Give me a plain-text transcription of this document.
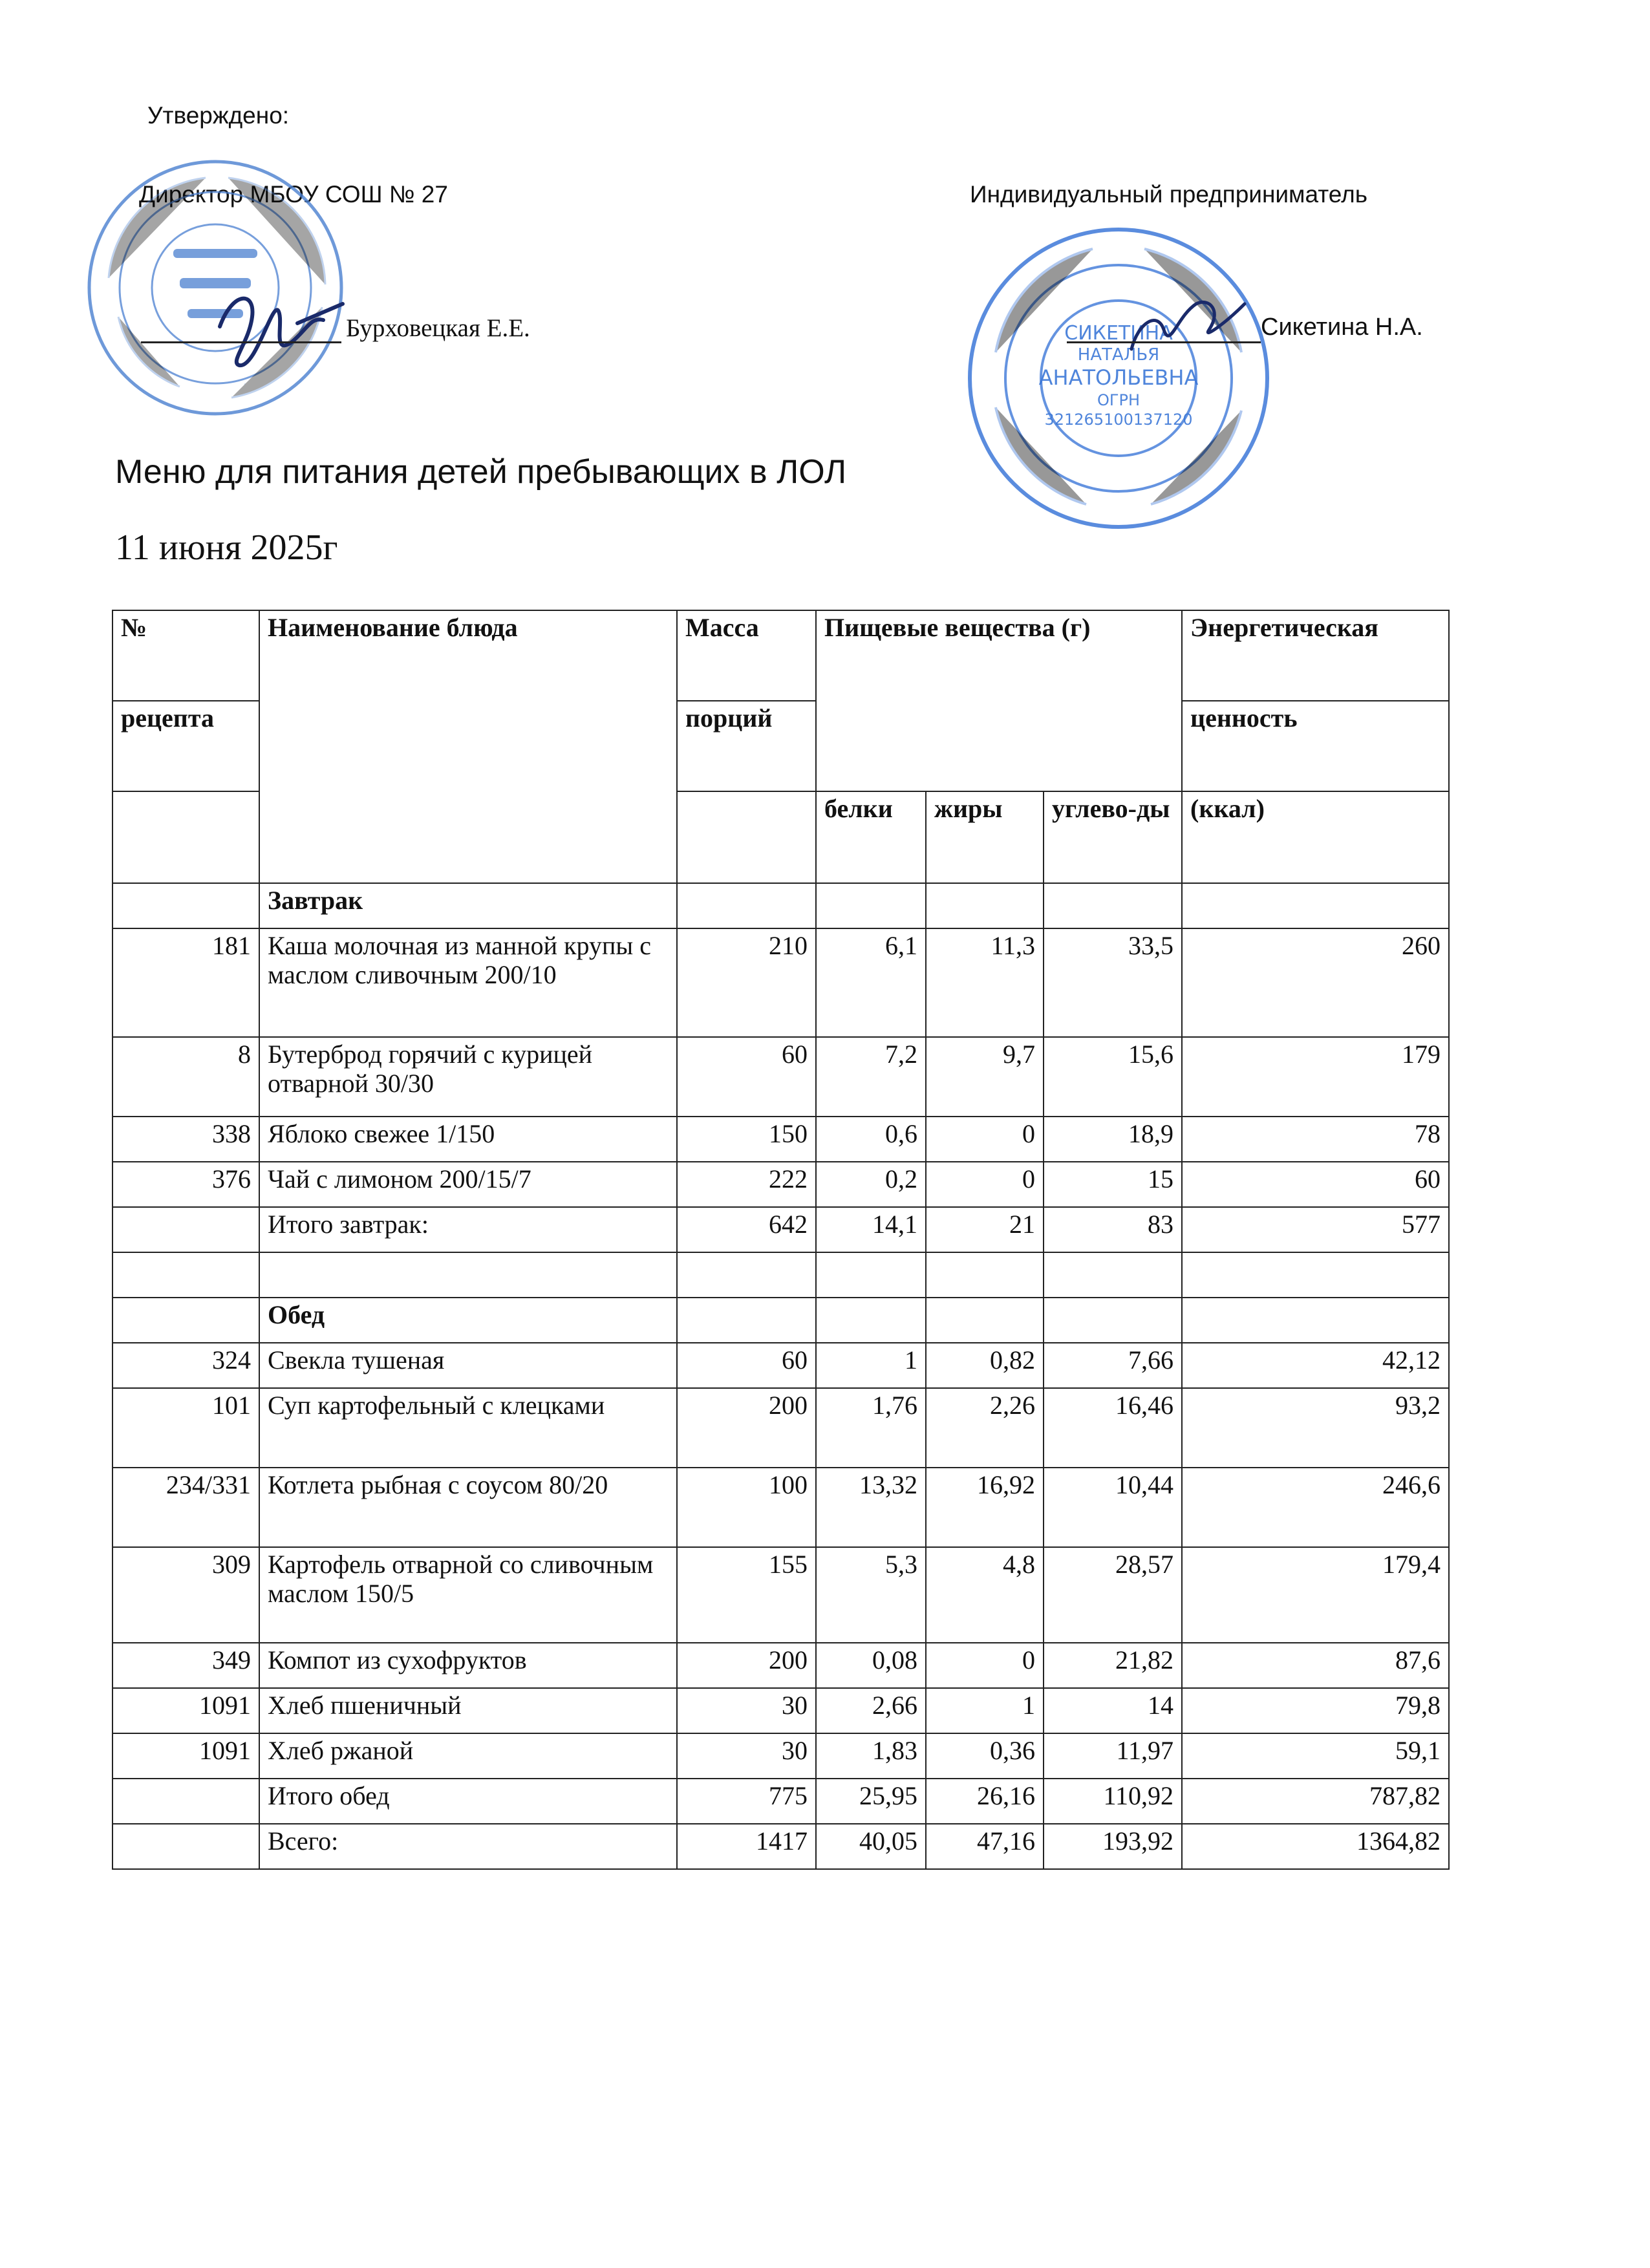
Утверждено:
Директор МБОУ СОШ № 27	Индивидуальный предприниматель
Бурховецкая Е.Е.	СИКЕТИНА
НАТАЛЬЯ
АНАТОЛЬЕВНА
ОГРН
321265100137120
Сикетина Н.А.
Меню для питания детей пребывающих в ЛОЛ
11 июня 2025г
№	Наименование блюда	Масса	Пищевые вещества (г)			Энергетическая
рецепта		порций				ценность
			белки	жиры	углево-ды	(ккал)
	Завтрак					
181	Каша молочная из манной крупы с маслом сливочным 200/10	210	6,1	11,3	33,5	260
8	Бутерброд горячий с курицей отварной 30/30	60	7,2	9,7	15,6	179
338	Яблоко свежее 1/150	150	0,6	0	18,9	78
376	Чай с лимоном 200/15/7	222	0,2	0	15	60
	Итого завтрак:	642	14,1	21	83	577

	Обед					
324	Свекла тушеная	60	1	0,82	7,66	42,12
101	Суп картофельный с клецками	200	1,76	2,26	16,46	93,2
234/331	Котлета рыбная с соусом 80/20	100	13,32	16,92	10,44	246,6
309	Картофель отварной со сливочным маслом 150/5	155	5,3	4,8	28,57	179,4
349	Компот из сухофруктов	200	0,08	0	21,82	87,6
1091	Хлеб пшеничный	30	2,66	1	14	79,8
1091	Хлеб ржаной	30	1,83	0,36	11,97	59,1
	Итого обед	775	25,95	26,16	110,92	787,82
	Всего:	1417	40,05	47,16	193,92	1364,82
